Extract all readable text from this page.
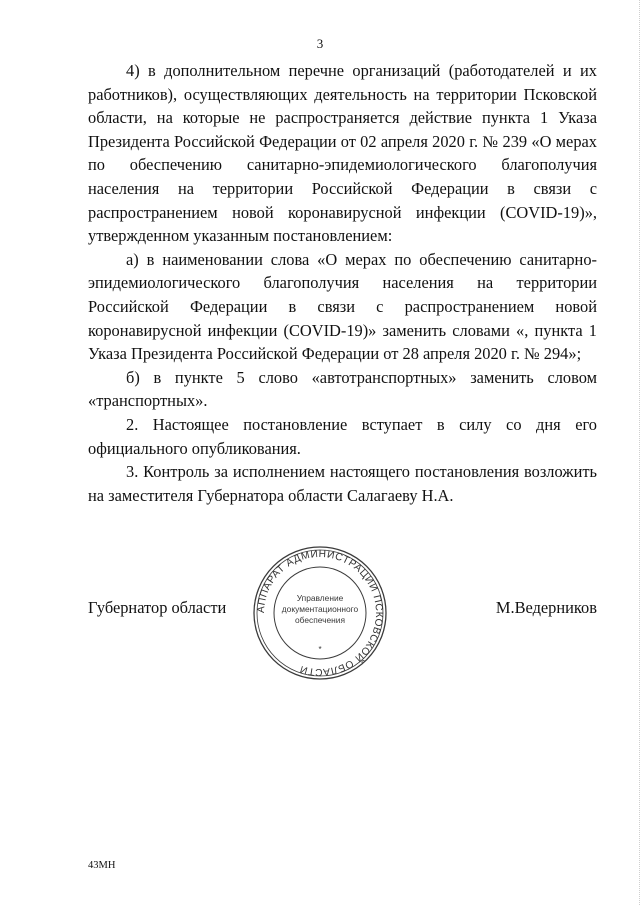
3

4) в дополнительном перечне организаций (работодателей и их работников), осуществляющих деятельность на территории Псковской области, на которые не распространяется действие пункта 1 Указа Президента Российской Федерации от 02 апреля 2020 г. № 239 «О мерах по обеспечению санитарно-эпидемиологического благополучия населения на территории Российской Федерации в связи с распространением новой коронавирусной инфекции (COVID-19)», утвержденном указанным постановлением:

а) в наименовании слова «О мерах по обеспечению санитарно-эпидемиологического благополучия населения на территории Российской Федерации в связи с распространением новой коронавирусной инфекции (COVID-19)» заменить словами «, пункта 1 Указа Президента Российской Федерации от 28 апреля 2020 г. № 294»;

б) в пункте 5 слово «автотранспортных» заменить словом «транспортных».

2. Настоящее постановление вступает в силу со дня его официального опубликования.

3. Контроль за исполнением настоящего постановления возложить на заместителя Губернатора области Салагаеву Н.А.

Губернатор области	М.Ведерников
АППАРАТ АДМИНИСТРАЦИИ ПСКОВСКОЙ ОБЛАСТИ
*
Управление
документационного
обеспечения
43МН
